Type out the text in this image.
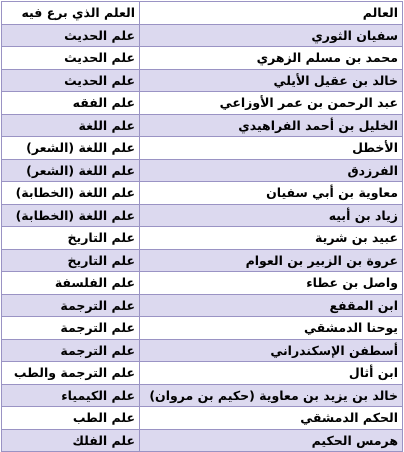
العالم	العلم الذي برع فيه
سفيان الثوري	علم الحديث
محمد بن مسلم الزهري	علم الحديث
خالد بن عقيل الأيلي	علم الحديث
عبد الرحمن بن عمر الأوزاعي	علم الفقه
الخليل بن أحمد الفراهيدي	علم اللغة
الأخطل	علم اللغة (الشعر)
الفرزدق	علم اللغة (الشعر)
معاوية بن أبي سفيان	علم اللغة (الخطابة)
زياد بن أبيه	علم اللغة (الخطابة)
عبيد بن شرية	علم التاريخ
عروة بن الزبير بن العوام	علم التاريخ
واصل بن عطاء	علم الفلسفة
ابن المقفع	علم الترجمة
يوحنا الدمشقي	علم الترجمة
أسطفن الإسكندراني	علم الترجمة
ابن أثال	علم الترجمة والطب
خالد بن يزيد بن معاوية (حكيم بن مروان)	علم الكيمياء
الحكم الدمشقي	علم الطب
هرمس الحكيم	علم الفلك
